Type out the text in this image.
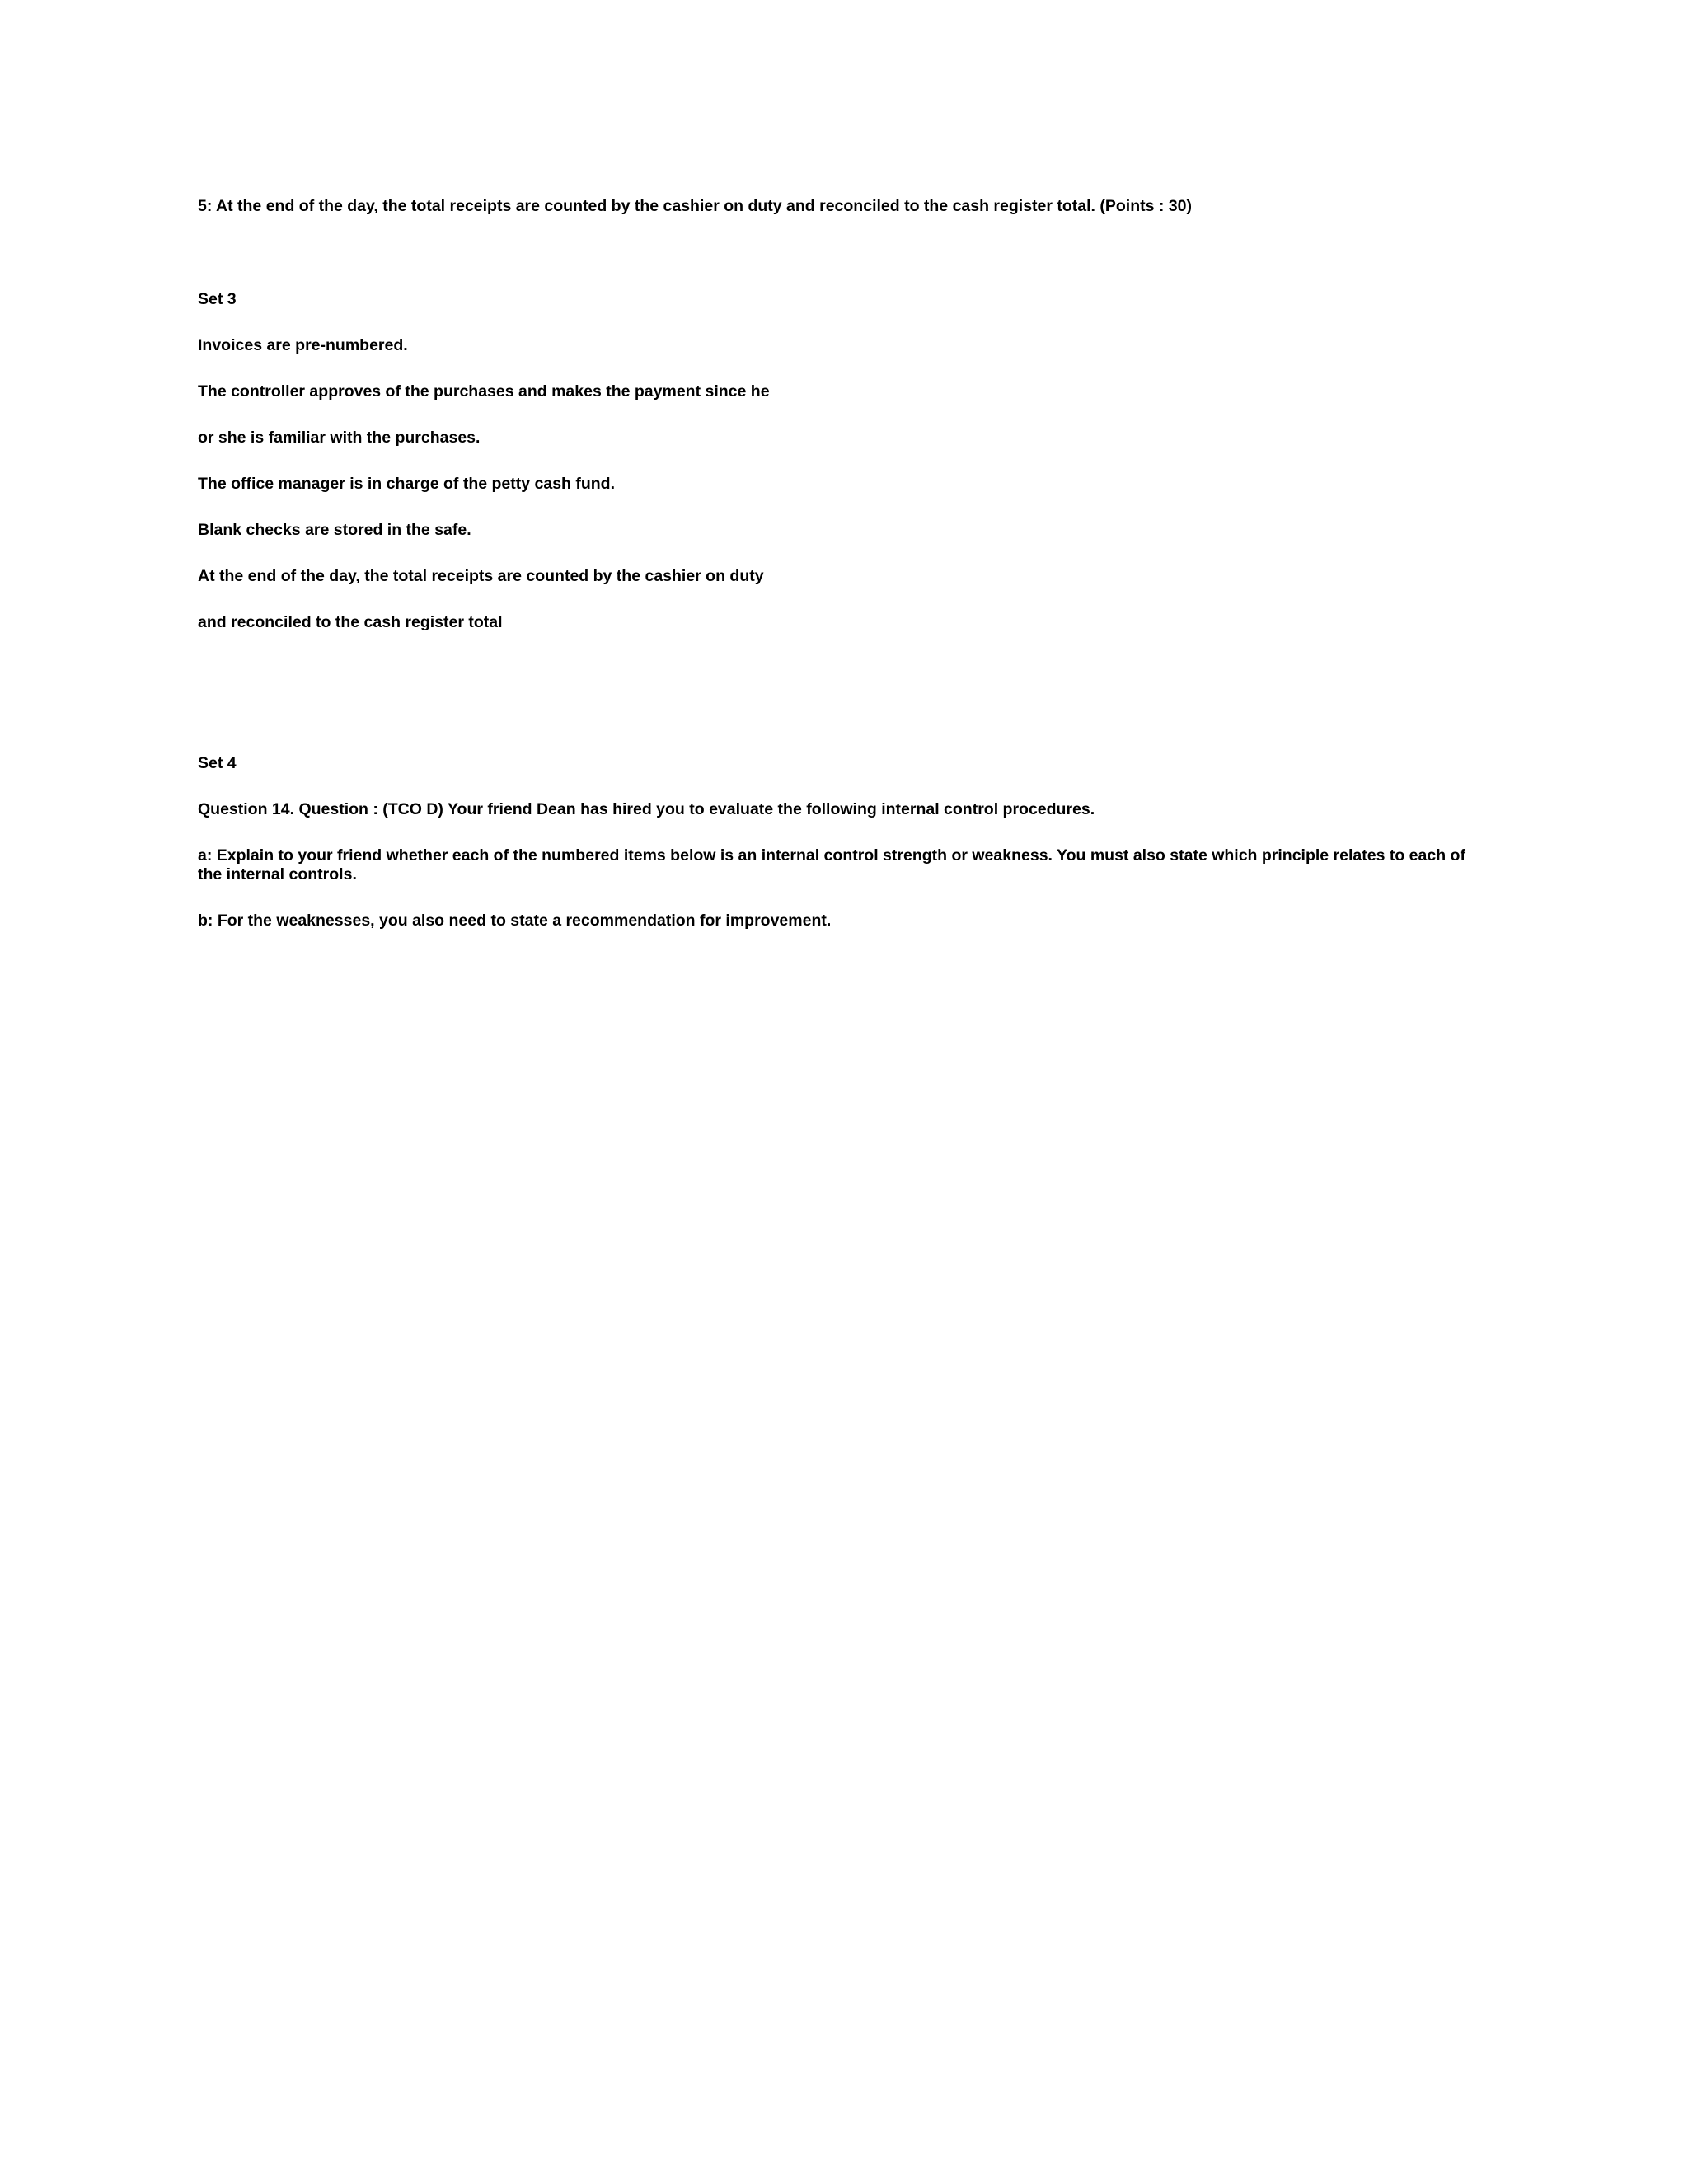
5: At the end of the day, the total receipts are counted by the cashier on duty and reconciled to the cash register total. (Points : 30)
Set 3
Invoices are pre-numbered.
The controller approves of the purchases and makes the payment since he
or she is familiar with the purchases.
The office manager is in charge of the petty cash fund.
Blank checks are stored in the safe.
At the end of the day, the total receipts are counted by the cashier on duty
and reconciled to the cash register total
Set 4
Question 14. Question : (TCO D) Your friend Dean has hired you to evaluate the following internal control procedures.
a: Explain to your friend whether each of the numbered items below is an internal control strength or weakness. You must also state which principle relates to each of the internal controls.
b: For the weaknesses, you also need to state a recommendation for improvement.
